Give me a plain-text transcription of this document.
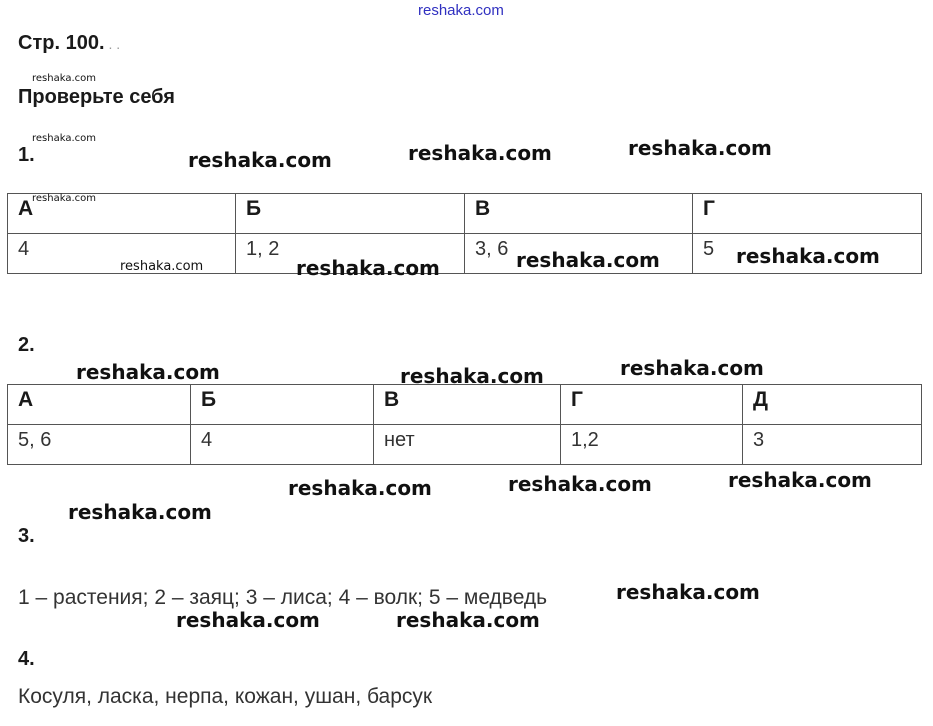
reshaka.com
Стр. 100. . .
reshaka.com
Проверьте себя
reshaka.com
1.	reshaka.com	reshaka.com	reshaka.com
А	Б	В	Г
4	1, 2	3, 6	5
reshaka.com
reshaka.com	reshaka.com	reshaka.com	reshaka.com
2.
reshaka.com	reshaka.com	reshaka.com
А	Б	В	Г	Д
5, 6	4	нет	1,2	3
reshaka.com	reshaka.com	reshaka.com
reshaka.com
3.
1 – растения; 2 – заяц; 3 – лиса; 4 – волк; 5 – медведь	reshaka.com
reshaka.com	reshaka.com
4.
Косуля, ласка, нерпа, кожан, ушан, барсук
